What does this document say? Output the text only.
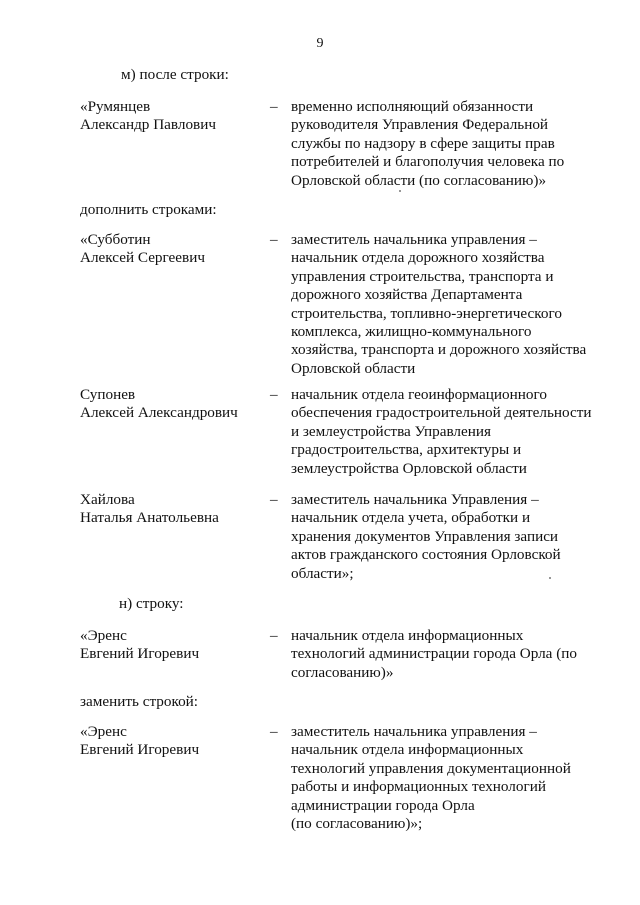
9
м) после строки:
«Румянцев
Александр Павлович
– временно исполняющий обязанности
руководителя Управления Федеральной
службы по надзору в сфере защиты прав
потребителей и благополучия человека по
Орловской области (по согласованию)»
дополнить строками:
«Субботин
Алексей Сергеевич
– заместитель начальника управления –
начальник отдела дорожного хозяйства
управления строительства, транспорта и
дорожного хозяйства Департамента
строительства, топливно-энергетического
комплекса, жилищно-коммунального
хозяйства, транспорта и дорожного хозяйства
Орловской области
Супонев
Алексей Александрович
– начальник отдела геоинформационного
обеспечения градостроительной деятельности
и землеустройства Управления
градостроительства, архитектуры и
землеустройства Орловской области
Хайлова
Наталья Анатольевна
– заместитель начальника Управления –
начальник отдела учета, обработки и
хранения документов Управления записи
актов гражданского состояния Орловской
области»;
н) строку:
«Эренс
Евгений Игоревич
– начальник отдела информационных
технологий администрации города Орла (по
согласованию)»
заменить строкой:
«Эренс
Евгений Игоревич
– заместитель начальника управления –
начальник отдела информационных
технологий управления документационной
работы и информационных технологий
администрации города Орла
(по согласованию)»;
